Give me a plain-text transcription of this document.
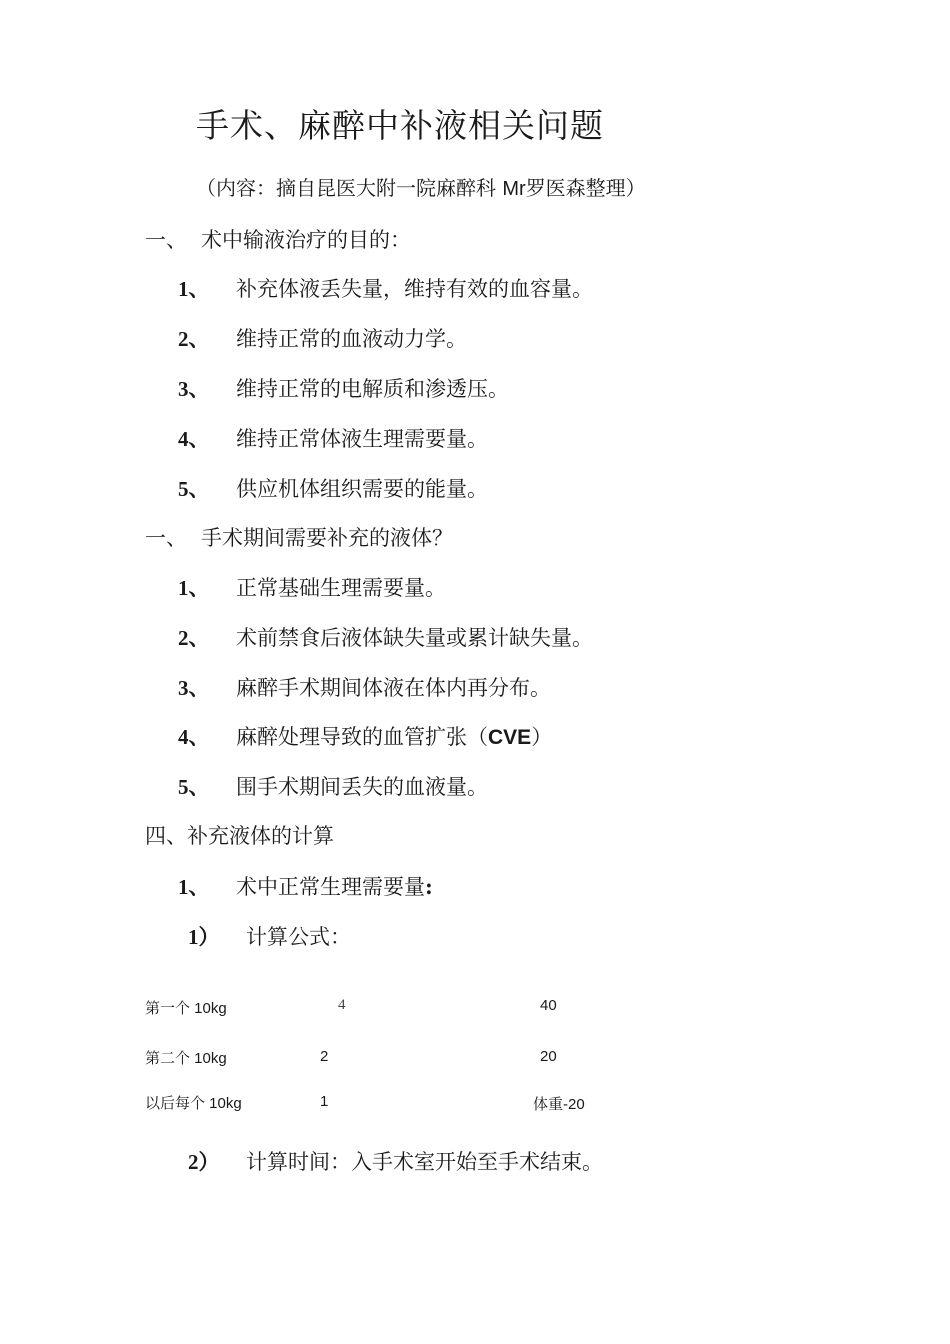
手术、麻醉中补液相关问题
（内容：摘自昆医大附一院麻醉科 Mr罗医森整理）
一、 术中输液治疗的目的：
1、 补充体液丢失量，维持有效的血容量。
2、 维持正常的血液动力学。
3、 维持正常的电解质和渗透压。
4、 维持正常体液生理需要量。
5、 供应机体组织需要的能量。
一、 手术期间需要补充的液体？
1、 正常基础生理需要量。
2、 术前禁食后液体缺失量或累计缺失量。
3、 麻醉手术期间体液在体内再分布。
4、 麻醉处理导致的血管扩张（CVE）
5、 围手术期间丢失的血液量。
四、补充液体的计算
1、 术中正常生理需要量:
1） 计算公式：
第一个 10kg	4	40
第二个 10kg	2	20
以后每个 10kg	1	体重-20
2） 计算时间：入手术室开始至手术结束。
